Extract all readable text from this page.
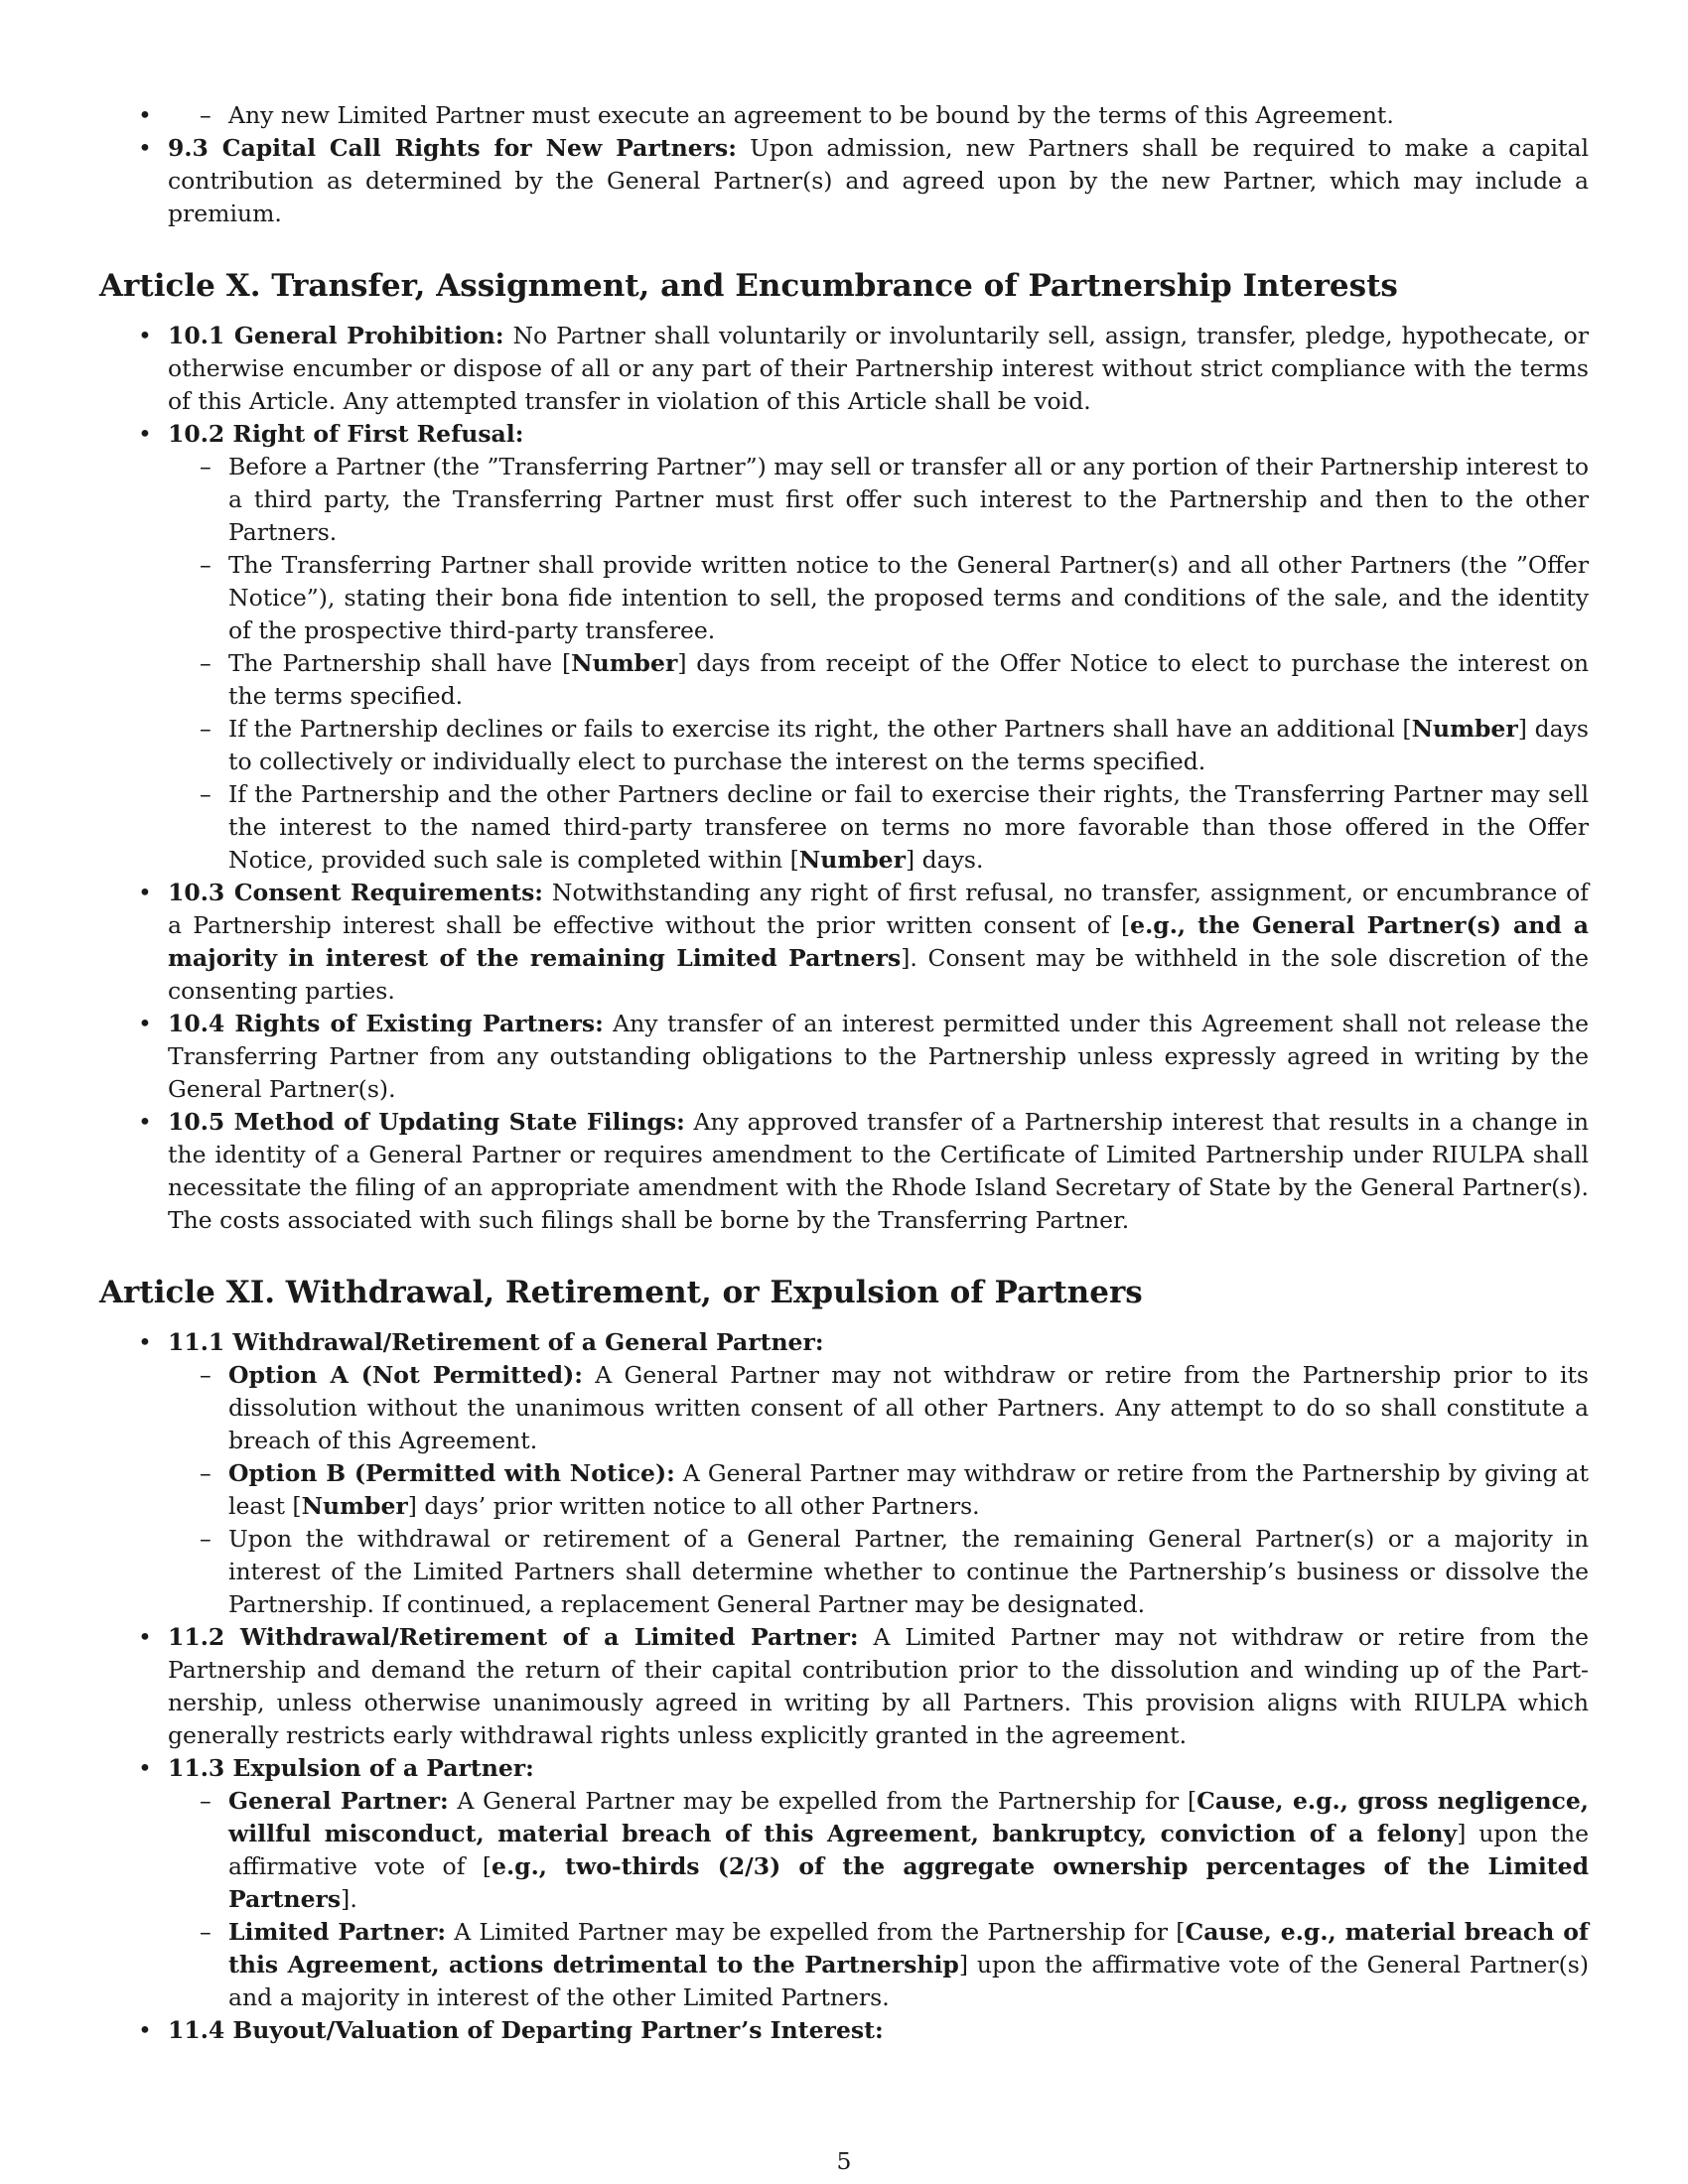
– • Any new Limited Partner must execute an agreement to be bound by the terms of this Agreement.
• 9.3 Capital Call Rights for New Partners: Upon admission, new Partners shall be required to make a capital contribution as determined by the General Partner(s) and agreed upon by the new Partner, which may include a premium.
Article X. Transfer, Assignment, and Encumbrance of Partnership Interests
• 10.1 General Prohibition: No Partner shall voluntarily or involuntarily sell, assign, transfer, pledge, hypothecate, or otherwise encumber or dispose of all or any part of their Partnership interest without strict compliance with the terms of this Article. Any attempted transfer in violation of this Article shall be void.
• 10.2 Right of First Refusal:
– Before a Partner (the ”Transferring Partner”) may sell or transfer all or any portion of their Partnership interest to a third party, the Transferring Partner must first offer such interest to the Partnership and then to the other Partners.
– The Transferring Partner shall provide written notice to the General Partner(s) and all other Partners (the ”Offer Notice”), stating their bona fide intention to sell, the proposed terms and conditions of the sale, and the identity of the prospective third-party transferee.
– The Partnership shall have [Number] days from receipt of the Offer Notice to elect to purchase the interest on the terms specified.
– If the Partnership declines or fails to exercise its right, the other Partners shall have an additional [Number] days to collectively or individually elect to purchase the interest on the terms specified.
– If the Partnership and the other Partners decline or fail to exercise their rights, the Transferring Partner may sell the interest to the named third-party transferee on terms no more favorable than those offered in the Offer Notice, provided such sale is completed within [Number] days.
• 10.3 Consent Requirements: Notwithstanding any right of first refusal, no transfer, assignment, or encumbrance of a Partnership interest shall be effective without the prior written consent of [e.g., the General Partner(s) and a majority in interest of the remaining Limited Partners]. Consent may be withheld in the sole discretion of the consenting parties.
• 10.4 Rights of Existing Partners: Any transfer of an interest permitted under this Agreement shall not release the Transferring Partner from any outstanding obligations to the Partnership unless expressly agreed in writing by the General Partner(s).
• 10.5 Method of Updating State Filings: Any approved transfer of a Partnership interest that results in a change in the identity of a General Partner or requires amendment to the Certificate of Limited Partnership under RIULPA shall necessitate the filing of an appropriate amendment with the Rhode Island Secretary of State by the General Partner(s). The costs associated with such filings shall be borne by the Transferring Partner.
Article XI. Withdrawal, Retirement, or Expulsion of Partners
• 11.1 Withdrawal/Retirement of a General Partner:
– Option A (Not Permitted): A General Partner may not withdraw or retire from the Partnership prior to its dissolution without the unanimous written consent of all other Partners. Any attempt to do so shall constitute a breach of this Agreement.
– Option B (Permitted with Notice): A General Partner may withdraw or retire from the Partnership by giving at least [Number] days’ prior written notice to all other Partners.
– Upon the withdrawal or retirement of a General Partner, the remaining General Partner(s) or a majority in interest of the Limited Partners shall determine whether to continue the Partnership’s business or dissolve the Partnership. If continued, a replacement General Partner may be designated.
• 11.2 Withdrawal/Retirement of a Limited Partner: A Limited Partner may not withdraw or retire from the Partnership and demand the return of their capital contribution prior to the dissolution and winding up of the Part-nership, unless otherwise unanimously agreed in writing by all Partners. This provision aligns with RIULPA which generally restricts early withdrawal rights unless explicitly granted in the agreement.
• 11.3 Expulsion of a Partner:
– General Partner: A General Partner may be expelled from the Partnership for [Cause, e.g., gross negligence, willful misconduct, material breach of this Agreement, bankruptcy, conviction of a felony] upon the affirmative vote of [e.g., two-thirds (2/3) of the aggregate ownership percentages of the Limited Partners].
– Limited Partner: A Limited Partner may be expelled from the Partnership for [Cause, e.g., material breach of this Agreement, actions detrimental to the Partnership] upon the affirmative vote of the General Partner(s) and a majority in interest of the other Limited Partners.
• 11.4 Buyout/Valuation of Departing Partner’s Interest:
5
